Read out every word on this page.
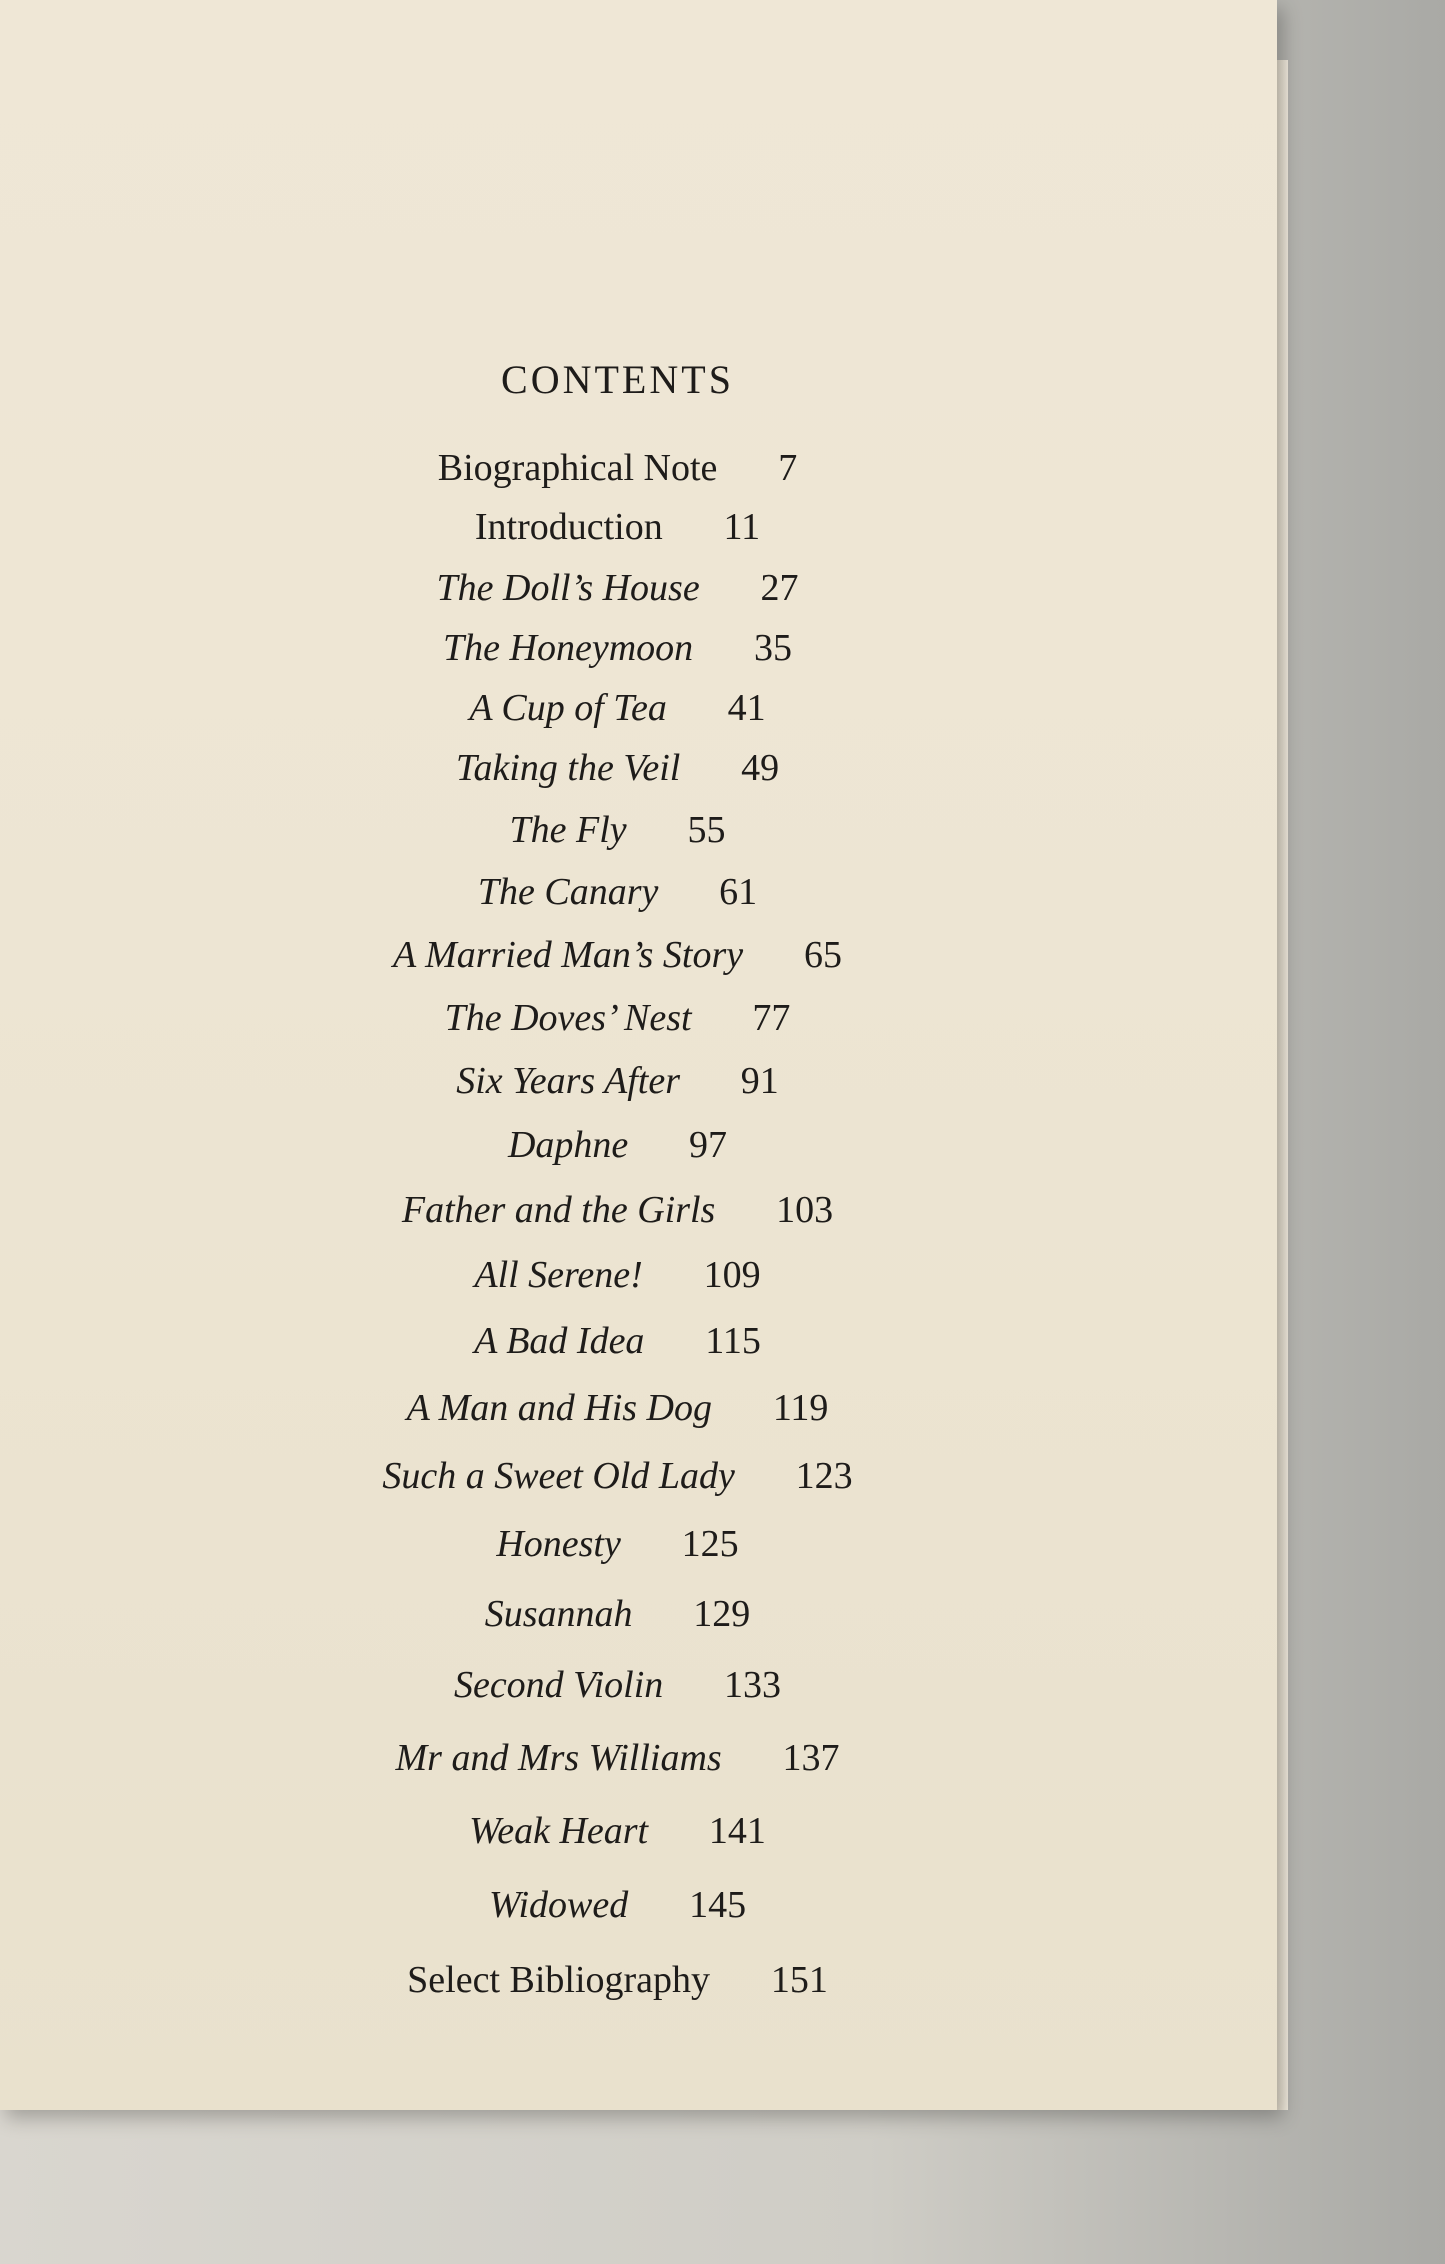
CONTENTS
Biographical Note 7
Introduction 11
The Doll’s House 27
The Honeymoon 35
A Cup of Tea 41
Taking the Veil 49
The Fly 55
The Canary 61
A Married Man’s Story 65
The Doves’ Nest 77
Six Years After 91
Daphne 97
Father and the Girls 103
All Serene! 109
A Bad Idea 115
A Man and His Dog 119
Such a Sweet Old Lady 123
Honesty 125
Susannah 129
Second Violin 133
Mr and Mrs Williams 137
Weak Heart 141
Widowed 145
Select Bibliography 151
